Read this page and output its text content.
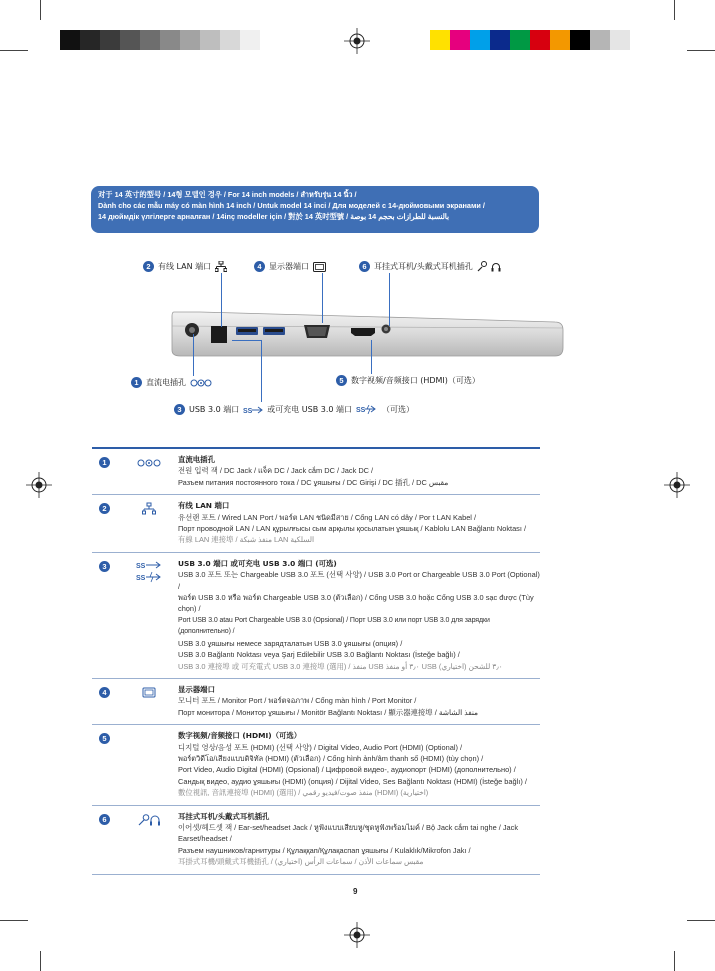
对于 14 英寸的型号 / 14형 모델인 경우 / For 14 inch models / สำหรับรุ่น 14 นิ้ว /
Dành cho các mẫu máy có màn hình 14 inch / Untuk model 14 inci / Для моделей с 14-дюймовыми экранами /
14 дюймдік үлгілерге арналған / 14inç modeller için / 對於 14 英吋型號 / بالنسبة للطرازات بحجم 14 بوصة
2 有线 LAN 端口	4 显示器端口	6 耳挂式耳机/头戴式耳机插孔
1 直流电插孔	5 数字视频/音频接口 (HDMI)（可选）
3 USB 3.0 端口 SS 或可充电 USB 3.0 端口 SS （可选）
1	直流电插孔
전원 입력 잭 / DC Jack / แจ็ค DC / Jack cắm DC / Jack DC /
Разъем питания постоянного тока / DC ұяшығы / DC Girişi / DC 插孔 / DC مقبس
2	有线 LAN 端口
유선랜 포트 / Wired LAN Port / พอร์ต LAN ชนิดมีสาย / Cổng LAN có dây / Por t LAN Kabel /
Порт проводной LAN / LAN құрылғысы сым арқылы қосылатын ұяшық / Kablolu LAN Bağlantı Noktası /
有線 LAN 連接埠 / منفذ شبكة LAN السلكية
3	SS
SS
USB 3.0 端口 或可充电 USB 3.0 端口 (可选)
USB 3.0 포트 또는 Chargeable USB 3.0 포트 (선택 사양) / USB 3.0 Port or Chargeable USB 3.0 Port (Optional) /
พอร์ต USB 3.0 หรือ พอร์ต Chargeable USB 3.0 (ตัวเลือก) / Cổng USB 3.0 hoặc Cổng USB 3.0 sạc được (Tùy chọn) /
Port USB 3.0 atau Port Chargeable USB 3.0 (Opsional) / Порт USB 3.0 или порт USB 3.0 для зарядки (дополнительно) /
USB 3.0 ұяшығы немесе зарядталатын USB 3.0 ұяшығы (опция) /
USB 3.0 Bağlantı Noktası veya Şarj Edilebilir USB 3.0 Bağlantı Noktası (İsteğe bağlı) /
USB 3.0 連接埠 或 可充電式 USB 3.0 連接埠 (選用) / منفذ USB ٣٫٠ أو منفذ USB ٣٫٠ للشحن (اختياري)
4	显示器端口
모니터 포트 / Monitor Port / พอร์ตจอภาพ / Cổng màn hình / Port Monitor /
Порт монитора / Монитор ұяшығы / Monitör Bağlantı Noktası / 顯示器連接埠 / منفذ الشاشة
5	数字视频/音频接口 (HDMI)（可选）
디지털 영상/음성 포트 (HDMI) (선택 사양) / Digital Video, Audio Port (HDMI) (Optional) /
พอร์ตวิดีโอ/เสียงแบบดิจิทัล (HDMI) (ตัวเลือก) / Cổng hình ảnh/âm thanh số (HDMI) (tùy chọn) /
Port Video, Audio Digital (HDMI) (Opsional) / Цифровой видео-, аудиопорт (HDMI) (дополнительно) /
Сандық видео, аудио ұяшығы (HDMI) (опция) / Dijital Video, Ses Bağlantı Noktası (HDMI) (İsteğe bağlı) /
數位視訊, 音訊連接埠 (HDMI) (選用) / منفذ صوت/فيديو رقمي (HDMI) (اختيارية)
6	耳挂式耳机/头戴式耳机插孔
이어셋/헤드셋 잭 / Ear-set/headset Jack / หูฟังแบบเสียบหู/ชุดหูฟังพร้อมไมค์ / Bộ Jack cắm tai nghe / Jack Earset/headset /
Разъем наушников/гарнитуры / Құлаққап/Құлақаспап ұяшығы / Kulaklık/Mikrofon Jakı /
耳掛式耳機/頭戴式耳機插孔 / مقبس سماعات الأذن / سماعات الرأس (اختياري)
9
